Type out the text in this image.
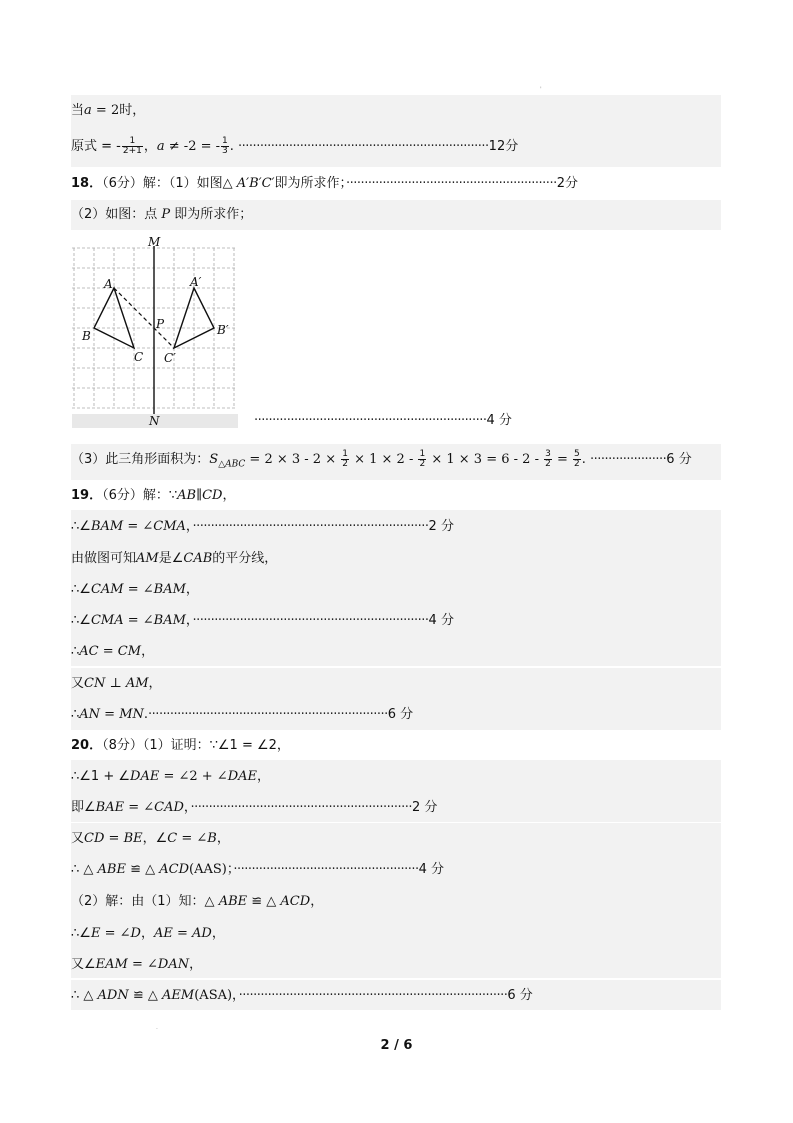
'
当a = 2时，
原式 = - $\frac{1}{2+1}$ ，a ≠ -2 = - $\frac{1}{3}$ . ·····································································12分
18．（6分）解：（1）如图△ A′B′C′即为所求作；··························································2分
（2）如图：点 P 即为所求作；
M
N
A
B
C
P
A′
B′
C′
································································4 分
（3）此三角形面积为：$S_{\triangle ABC} = 2 \times 3 - 2 \times \frac{1}{2} \times 1 \times 2 - \frac{1}{2} \times 1 \times 3 = 6 - 2 - \frac{3}{2} = \frac{5}{2}$ . ·····················6 分
19．（6分）解：∵AB∥CD，
∴∠BAM = ∠CMA，·································································2 分
由做图可知AM是∠CAB的平分线，
∴∠CAM = ∠BAM，
∴∠CMA = ∠BAM，·································································4 分
∴AC = CM，
又CN ⊥ AM，
∴AN = MN.··································································6 分
20．（8分）（1）证明：∵∠1 = ∠2，
∴∠1 + ∠DAE = ∠2 + ∠DAE，
即∠BAE = ∠CAD，·····························································2 分
又CD = BE，∠C = ∠B，
∴ △ ABE ≌ △ ACD(AAS)；···················································4 分
（2）解：由（1）知：△ ABE ≌ △ ACD，
∴∠E = ∠D，AE = AD，
又∠EAM = ∠DAN，
∴ △ ADN ≌ △ AEM(ASA)，··········································································6 分
.
2 / 6
